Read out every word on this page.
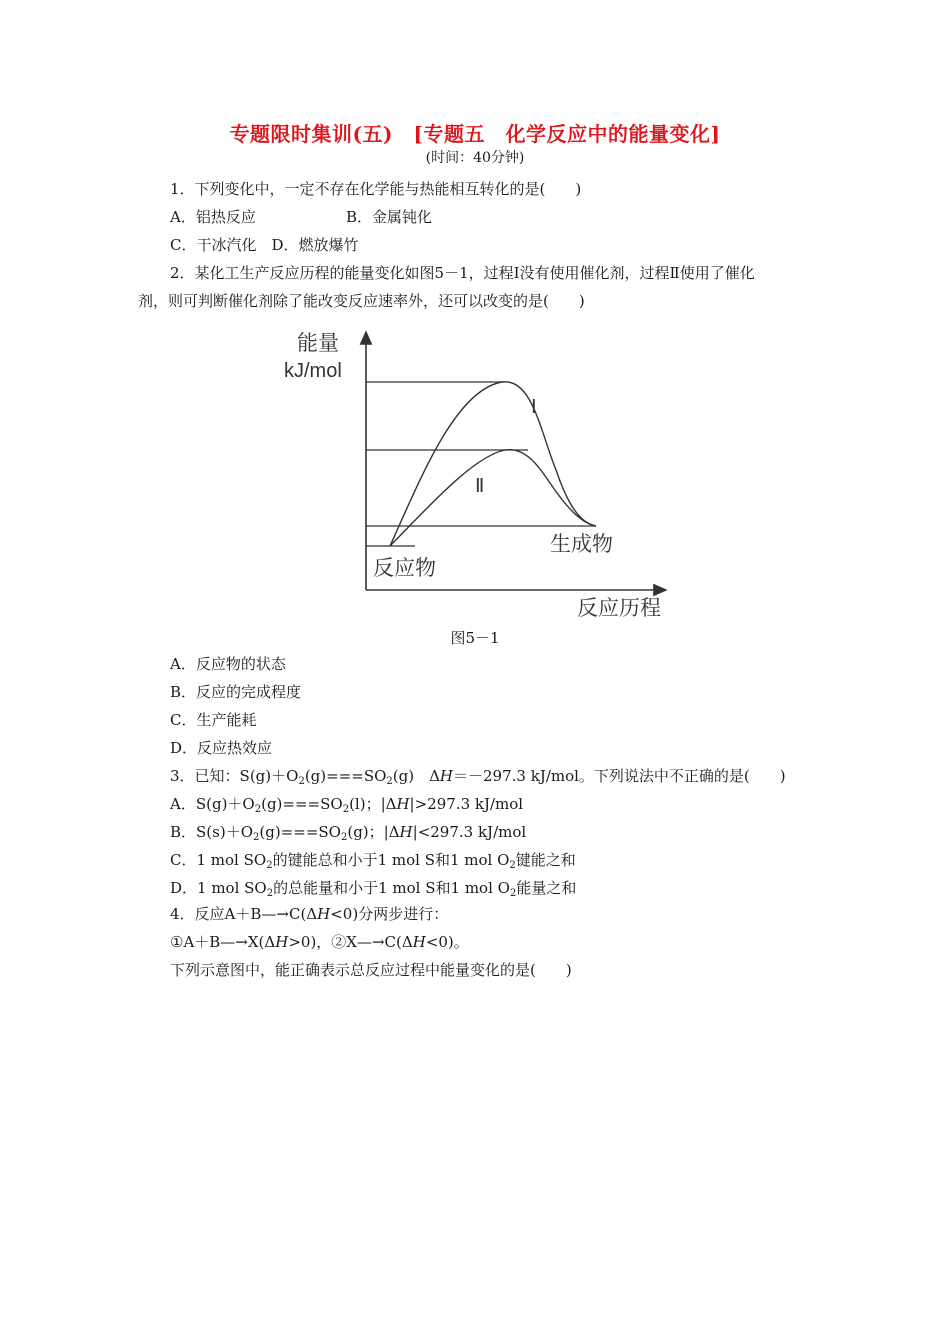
专题限时集训(五)　[专题五　化学反应中的能量变化]
(时间：40分钟)
1．下列变化中，一定不存在化学能与热能相互转化的是(　　)
A．铝热反应	B．金属钝化
C．干冰汽化　D．燃放爆竹
2．某化工生产反应历程的能量变化如图5－1，过程Ⅰ没有使用催化剂，过程Ⅱ使用了催化
剂，则可判断催化剂除了能改变反应速率外，还可以改变的是(　　)
能量
kJ/mol
Ⅰ
Ⅱ
生成物
反应物
反应历程
图5－1
A．反应物的状态
B．反应的完成程度
C．生产能耗
D．反应热效应
3．已知：$S(g)+O_2(g)===SO_2(g)$　ΔH＝－297.3 kJ/mol。下列说法中不正确的是(　　)
A．$S(g)+O_2(g)===SO_2(l)$；|ΔH|>297.3 kJ/mol
B．$S(s)+O_2(g)===SO_2(g)$；|ΔH|<297.3 kJ/mol
C．1 mol $SO_2$的键能总和小于1 mol S和1 mol $O_2$键能之和
D．1 mol $SO_2$的总能量和小于1 mol S和1 mol $O_2$能量之和
4．反应A＋B—→C(ΔH<0)分两步进行：
①A＋B—→X(ΔH>0)，②X—→C(ΔH<0)。
下列示意图中，能正确表示总反应过程中能量变化的是(　　)
